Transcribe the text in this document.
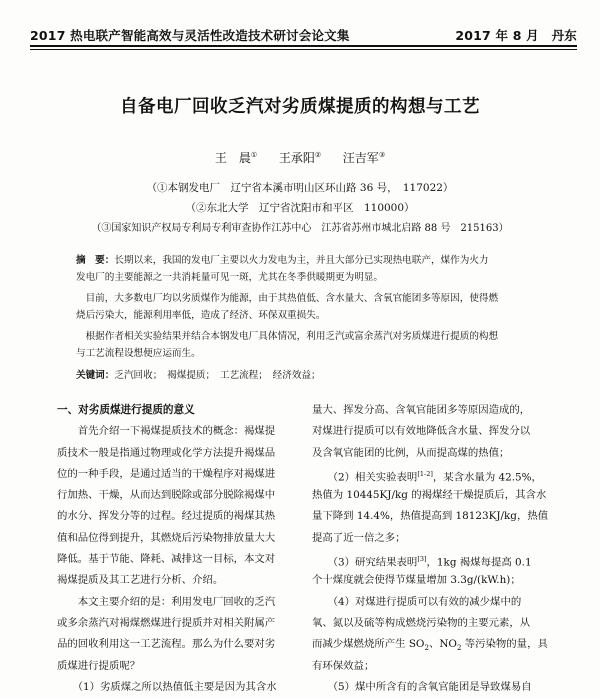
2017 热电联产智能高效与灵活性改造技术研讨会论文集	2017 年 8 月　丹东
自备电厂回收乏汽对劣质煤提质的构想与工艺
王　晨① 王承阳② 汪吉军③
（①本钢发电厂　辽宁省本溪市明山区环山路 36 号，　117022）
（②东北大学　辽宁省沈阳市和平区　110000）
（③国家知识产权局专利局专利审查协作江苏中心　江苏省苏州市城北启路 88 号　215163）
摘　要：长期以来，我国的发电厂主要以火力发电为主，并且大部分已实现热电联产，煤作为火力
发电厂的主要能源之一共消耗量可见一斑，尤其在冬季供暖期更为明显。
　目前，大多数电厂均以劣质煤作为能源，由于其热值低、含水量大、含氧官能团多等原因，使得燃
烧后污染大，能源利用率低，造成了经济、环保双重损失。
　根据作者相关实验结果并结合本钢发电厂具体情况，利用乏汽或富余蒸汽对劣质煤进行提质的构想
与工艺流程设想便应运而生。
关键词：乏汽回收；　褐煤提质；　工艺流程；　经济效益；
一、对劣质煤进行提质的意义
　　首先介绍一下褐煤提质技术的概念：褐煤提
质技术一般是指通过物理或化学方法提升褐煤品
位的一种手段，是通过适当的干燥程序对褐煤进
行加热、干燥，从而达到脱除或部分脱除褐煤中
的水分、挥发分等的过程。经过提质的褐煤其热
值和品位得到提升，其燃烧后污染物排放量大大
降低。基于节能、降耗、减排这一目标，本文对
褐煤提质及其工艺进行分析、介绍。
　　本文主要介绍的是：利用发电厂回收的乏汽
或多余蒸汽对褐煤燃煤进行提质并对相关附属产
品的回收利用这一工艺流程。那么为什么要对劣
质煤进行提质呢？
　　（1）劣质煤之所以热值低主要是因为其含水
量大、挥发分高、含氧官能团多等原因造成的，
对煤进行提质可以有效地降低含水量、挥发分以
及含氧官能团的比例，从而提高煤的热值；
　　（2）相关实验表明[1-2]，某含水量为 42.5%，
热值为 10445KJ/kg 的褐煤经干燥提质后，其含水
量下降到 14.4%，热值提高到 18123KJ/kg，热值
提高了近一倍之多；
　　（3）研究结果表明[3]，1kg 褐煤每提高 0.1
个十煤度就会使得节煤量增加 3.3g/(kW.h)；
　　（4）对煤进行提质可以有效的减少煤中的
氧、氮以及硫等构成燃烧污染物的主要元素，从
而减少煤燃烧所产生 $SO_2$、$NO_2$ 等污染物的量，具
有环保效益；
　　（5）煤中所含有的含氧官能团是导致煤易自
